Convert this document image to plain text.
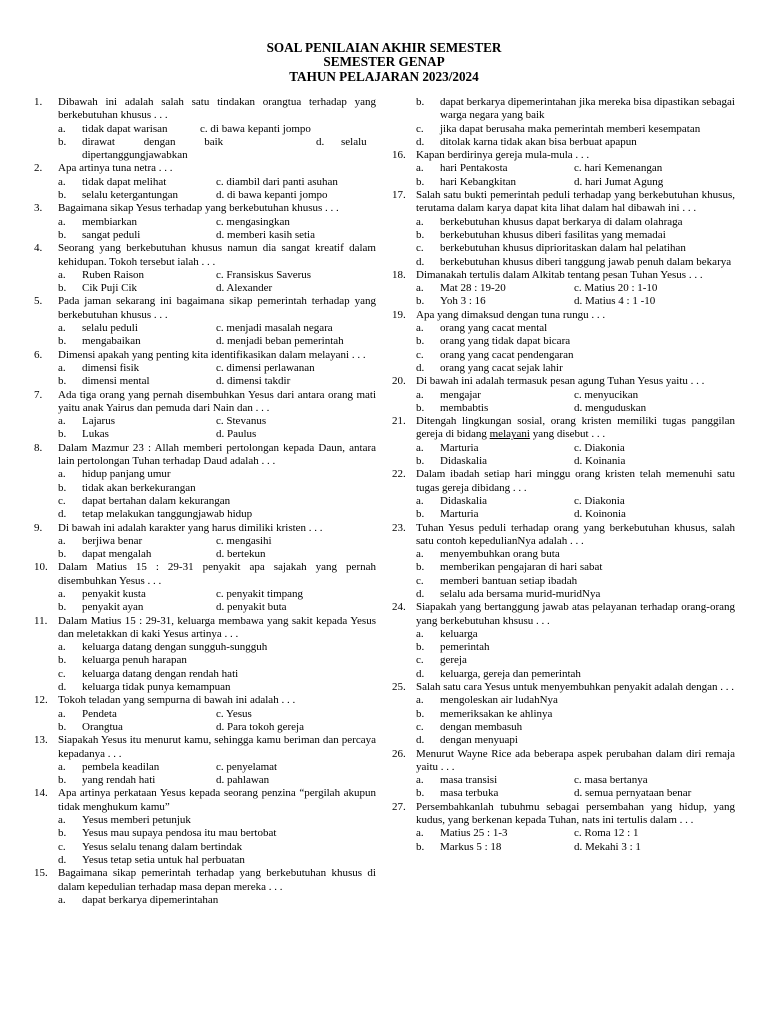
SOAL PENILAIAN AKHIR SEMESTER
SEMESTER GENAP
TAHUN PELAJARAN 2023/2024
1. Dibawah ini adalah salah satu tindakan orangtua terhadap yang berkebutuhan khusus . . .
a. tidak dapat warisan	c. di bawa kepanti jompo
b. dirawat dengan baik	d. selalu
dipertanggungjawabkan
2. Apa artinya tuna netra . . .
a. tidak dapat melihat	c. diambil dari panti asuhan
b. selalu ketergantungan	d. di bawa kepanti jompo
3. Bagaimana sikap Yesus terhadap yang berkebutuhan khusus . . .
a. membiarkan	c. mengasingkan
b. sangat peduli	d. memberi kasih setia
4. Seorang yang berkebutuhan khusus namun dia sangat kreatif dalam kehidupan. Tokoh tersebut ialah . . .
a. Ruben Raison	c. Fransiskus Saverus
b. Cik Puji Cik	d. Alexander
5. Pada jaman sekarang ini bagaimana sikap pemerintah terhadap yang berkebutuhan khusus . . .
a. selalu peduli	c. menjadi masalah negara
b. mengabaikan	d. menjadi beban pemerintah
6. Dimensi apakah yang penting kita identifikasikan dalam melayani . . .
a. dimensi fisik	c. dimensi perlawanan
b. dimensi mental	d. dimensi takdir
7. Ada tiga orang yang pernah disembuhkan Yesus dari antara orang mati yaitu anak Yairus dan pemuda dari Nain dan . . .
a. Lajarus	c. Stevanus
b. Lukas	d. Paulus
8. Dalam Mazmur 23 : Allah memberi pertolongan kepada Daun, antara lain pertolongan Tuhan terhadap Daud adalah . . .
a. hidup panjang umur
b. tidak akan berkekurangan
c. dapat bertahan dalam kekurangan
d. tetap melakukan tanggungjawab hidup
9. Di bawah ini adalah karakter yang harus dimiliki kristen . . .
a. berjiwa benar	c. mengasihi
b. dapat mengalah	d. bertekun
10. Dalam Matius 15 : 29-31 penyakit apa sajakah yang pernah disembuhkan Yesus . . .
a. penyakit kusta	c. penyakit timpang
b. penyakit ayan	d. penyakit buta
11. Dalam Matius 15 : 29-31, keluarga membawa yang sakit kepada Yesus dan meletakkan di kaki Yesus artinya . . .
a. keluarga datang dengan sungguh-sungguh
b. keluarga penuh harapan
c. keluarga datang dengan rendah hati
d. keluarga tidak punya kemampuan
12. Tokoh teladan yang sempurna di bawah ini adalah . . .
a. Pendeta	c. Yesus
b. Orangtua	d. Para tokoh gereja
13. Siapakah Yesus itu menurut kamu, sehingga kamu beriman dan percaya kepadanya . . .
a. pembela keadilan	c. penyelamat
b. yang rendah hati	d. pahlawan
14. Apa artinya perkataan Yesus kepada seorang penzina “pergilah akupun tidak menghukum kamu”
a. Yesus memberi petunjuk
b. Yesus mau supaya pendosa itu mau bertobat
c. Yesus selalu tenang dalam bertindak
d. Yesus tetap setia untuk hal perbuatan
15. Bagaimana sikap pemerintah terhadap yang berkebutuhan khusus di dalam kepedulian terhadap masa depan mereka . . .
a. dapat berkarya dipemerintahan
b. dapat berkarya dipemerintahan jika mereka bisa dipastikan sebagai warga negara yang baik
c. jika dapat berusaha maka pemerintah memberi kesempatan
d. ditolak karna tidak akan bisa berbuat apapun
16. Kapan berdirinya gereja mula-mula . . .
a. hari Pentakosta	c. hari Kemenangan
b. hari Kebangkitan	d. hari Jumat Agung
17. Salah satu bukti pemerintah peduli terhadap yang berkebutuhan khusus, terutama dalam karya dapat kita lihat dalam hal dibawah ini . . .
a. berkebutuhan khusus dapat berkarya di dalam olahraga
b. berkebutuhan khusus diberi fasilitas yang memadai
c. berkebutuhan khusus diprioritaskan dalam hal pelatihan
d. berkebutuhan khusus diberi tanggung jawab penuh dalam bekarya
18. Dimanakah tertulis dalam Alkitab tentang pesan Tuhan Yesus . . .
a. Mat 28 : 19-20	c. Matius 20 : 1-10
b. Yoh 3 : 16	d. Matius 4 : 1 -10
19. Apa yang dimaksud dengan tuna rungu . . .
a. orang yang cacat mental
b. orang yang tidak dapat bicara
c. orang yang cacat pendengaran
d. orang yang cacat sejak lahir
20. Di bawah ini adalah termasuk pesan agung Tuhan Yesus yaitu . . .
a. mengajar	c. menyucikan
b. membabtis	d. menguduskan
21. Ditengah lingkungan sosial, orang kristen memiliki tugas panggilan gereja di bidang melayani yang disebut . . .
a. Marturia	c. Diakonia
b. Didaskalia	d. Koinania
22. Dalam ibadah setiap hari minggu orang kristen telah memenuhi satu tugas gereja dibidang . . .
a. Didaskalia	c. Diakonia
b. Marturia	d. Koinonia
23. Tuhan Yesus peduli terhadap orang yang berkebutuhan khusus, salah satu contoh kepedulianNya adalah . . .
a. menyembuhkan orang buta
b. memberikan pengajaran di hari sabat
c. memberi bantuan setiap ibadah
d. selalu ada bersama murid-muridNya
24. Siapakah yang bertanggung jawab atas pelayanan terhadap orang-orang yang berkebutuhan khsusu . . .
a. keluarga
b. pemerintah
c. gereja
d. keluarga, gereja dan pemerintah
25. Salah satu cara Yesus untuk menyembuhkan penyakit adalah dengan . . .
a. mengoleskan air ludahNya
b. memeriksakan ke ahlinya
c. dengan membasuh
d. dengan menyuapi
26. Menurut Wayne Rice ada beberapa aspek perubahan dalam diri remaja yaitu . . .
a. masa transisi	c. masa bertanya
b. masa terbuka	d. semua pernyataan benar
27. Persembahkanlah tubuhmu sebagai persembahan yang hidup, yang kudus, yang berkenan kepada Tuhan, nats ini tertulis dalam . . .
a. Matius 25 : 1-3	c. Roma 12 : 1
b. Markus 5 : 18	d. Mekahi 3 : 1
